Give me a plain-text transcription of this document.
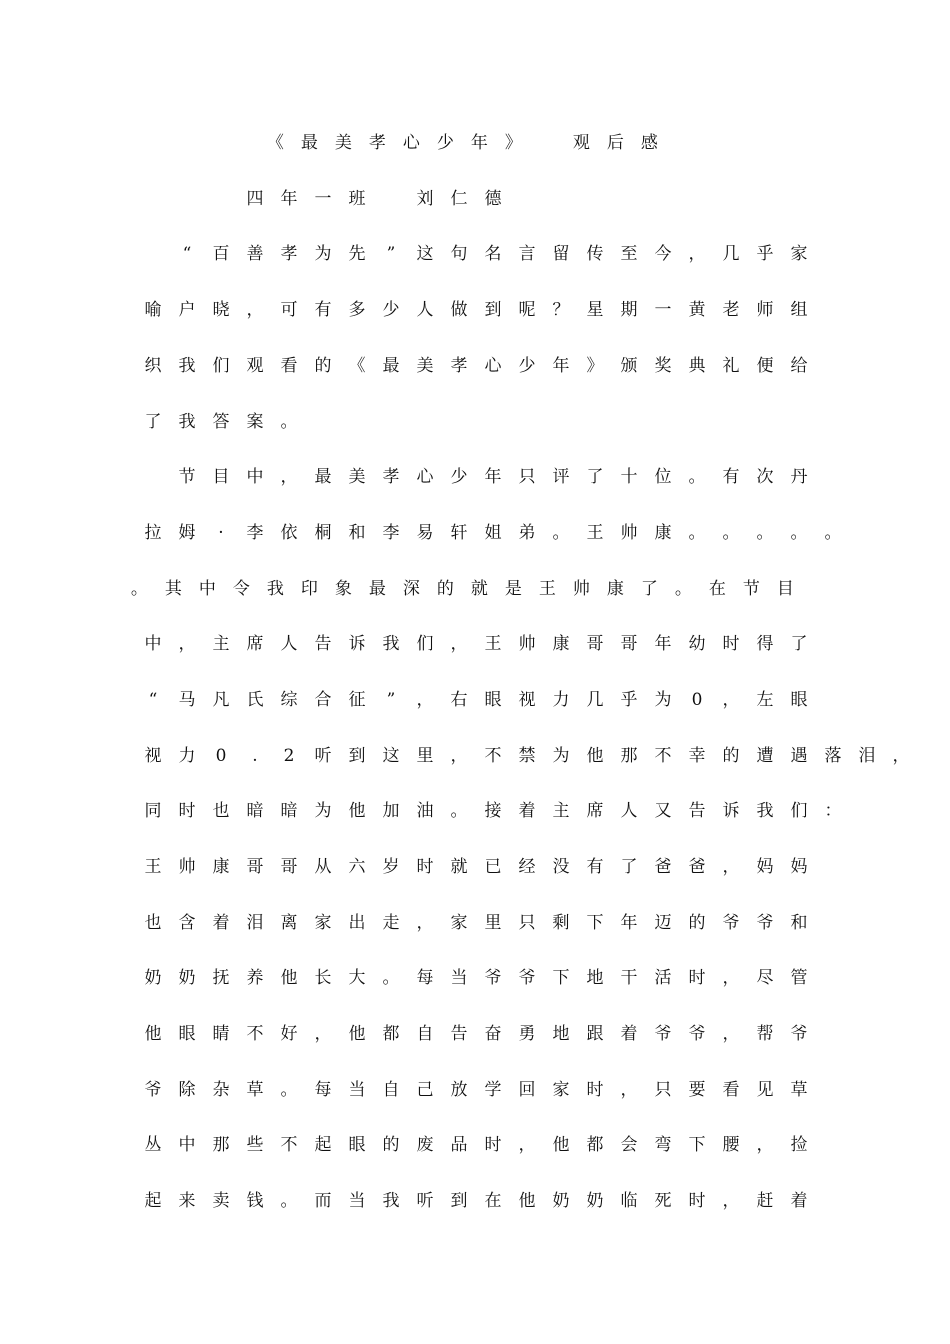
《 最 美 孝 心 少 年 》	观 后 感
四 年 一 班	刘 仁 德
“	百 善 孝 为 先	”	这 句 名 言 留 传 至 今 ， 几 乎 家
喻 户 晓 ， 可 有 多 少 人 做 到 呢 ？ 星 期 一 黄 老 师 组
织 我 们 观 看 的 《 最 美 孝 心 少 年 》 颁 奖 典 礼 便 给
了 我 答 案 。
节 目 中 ， 最 美 孝 心 少 年 只 评 了 十 位 。 有 次 丹
拉 姆	·	李 依 桐 和 李 易 轩 姐 弟 。 王 帅 康 。 。 。 。 。
。 其 中 令 我 印 象 最 深 的 就 是 王 帅 康 了 。 在 节 目
中 ， 主 席 人 告 诉 我 们 ， 王 帅 康 哥 哥 年 幼 时 得 了
“	马 凡 氏 综 合 征	”	， 右 眼 视 力 几 乎 为	0	， 左 眼
视 力	0	.	2	听 到 这 里 ， 不 禁 为 他 那 不 幸 的 遭 遇 落 泪 ，
同 时 也 暗 暗 为 他 加 油 。 接 着 主 席 人 又 告 诉 我 们 ：
王 帅 康 哥 哥 从 六 岁 时 就 已 经 没 有 了 爸 爸 ， 妈 妈
也 含 着 泪 离 家 出 走 ， 家 里 只 剩 下 年 迈 的 爷 爷 和
奶 奶 抚 养 他 长 大 。 每 当 爷 爷 下 地 干 活 时 ， 尽 管
他 眼 睛 不 好 ， 他 都 自 告 奋 勇 地 跟 着 爷 爷 ， 帮 爷
爷 除 杂 草 。 每 当 自 己 放 学 回 家 时 ， 只 要 看 见 草
丛 中 那 些 不 起 眼 的 废 品 时 ， 他 都 会 弯 下 腰 ， 捡
起 来 卖 钱 。 而 当 我 听 到 在 他 奶 奶 临 死 时 ， 赶 着
